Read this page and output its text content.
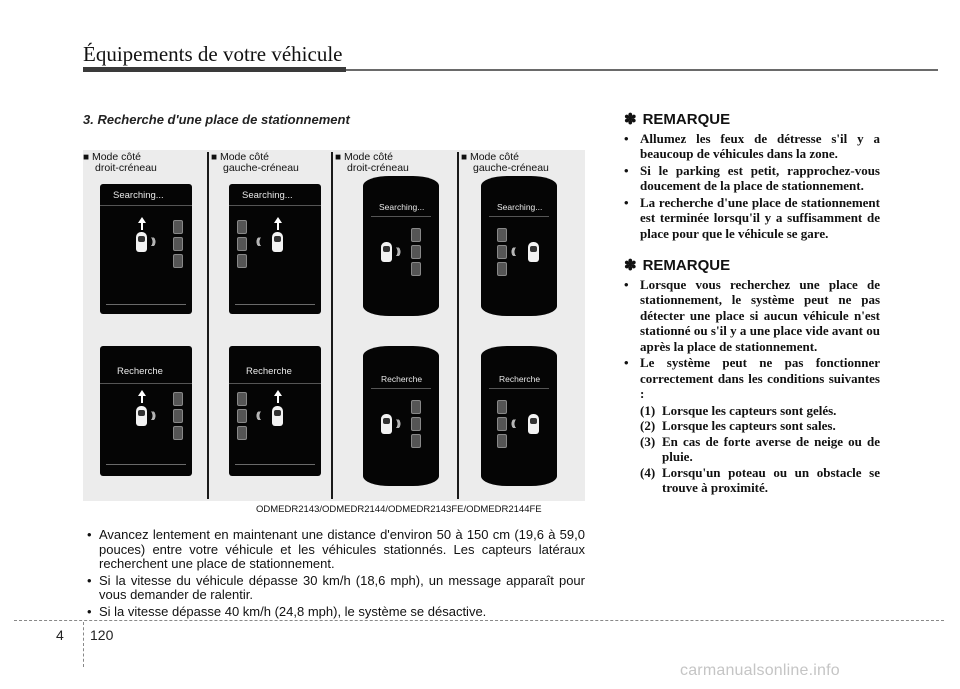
Équipements de votre véhicule
3. Recherche d'une place de stationnement
■ Mode côté
droit-créneau
Searching...
)))
Recherche
)))
■ Mode côté
gauche-créneau
Searching...
(((
Recherche
(((
■ Mode côté
droit-créneau
Searching...
)))
Recherche
)))
■ Mode côté
gauche-créneau
Searching...
(((
Recherche
(((
ODMEDR2143/ODMEDR2144/ODMEDR2143FE/ODMEDR2144FE
• Avancez lentement en maintenant une distance d'environ 50 à 150 cm (19,6 à 59,0 pouces) entre votre véhicule et les véhicules stationnés. Les capteurs latéraux recherchent une place de stationnement.
• Si la vitesse du véhicule dépasse 30 km/h (18,6 mph), un message apparaît pour vous demander de ralentir.
• Si la vitesse dépasse 40 km/h (24,8 mph), le système se désactive.
✽ REMARQUE
• Allumez les feux de détresse s'il y a beaucoup de véhicules dans la zone.
• Si le parking est petit, rapprochez-vous doucement de la place de stationnement.
• La recherche d'une place de stationnement est terminée lorsqu'il y a suffisamment de place pour que le véhicule se gare.
✽ REMARQUE
• Lorsque vous recherchez une place de stationnement, le système peut ne pas détecter une place si aucun véhicule n'est stationné ou s'il y a une place vide avant ou après la place de stationnement.
• Le système peut ne pas fonctionner correctement dans les conditions suivantes :
(1) Lorsque les capteurs sont gelés.
(2) Lorsque les capteurs sont sales.
(3) En cas de forte averse de neige ou de pluie.
(4) Lorsqu'un poteau ou un obstacle se trouve à proximité.
4 120
carmanualsonline.info
